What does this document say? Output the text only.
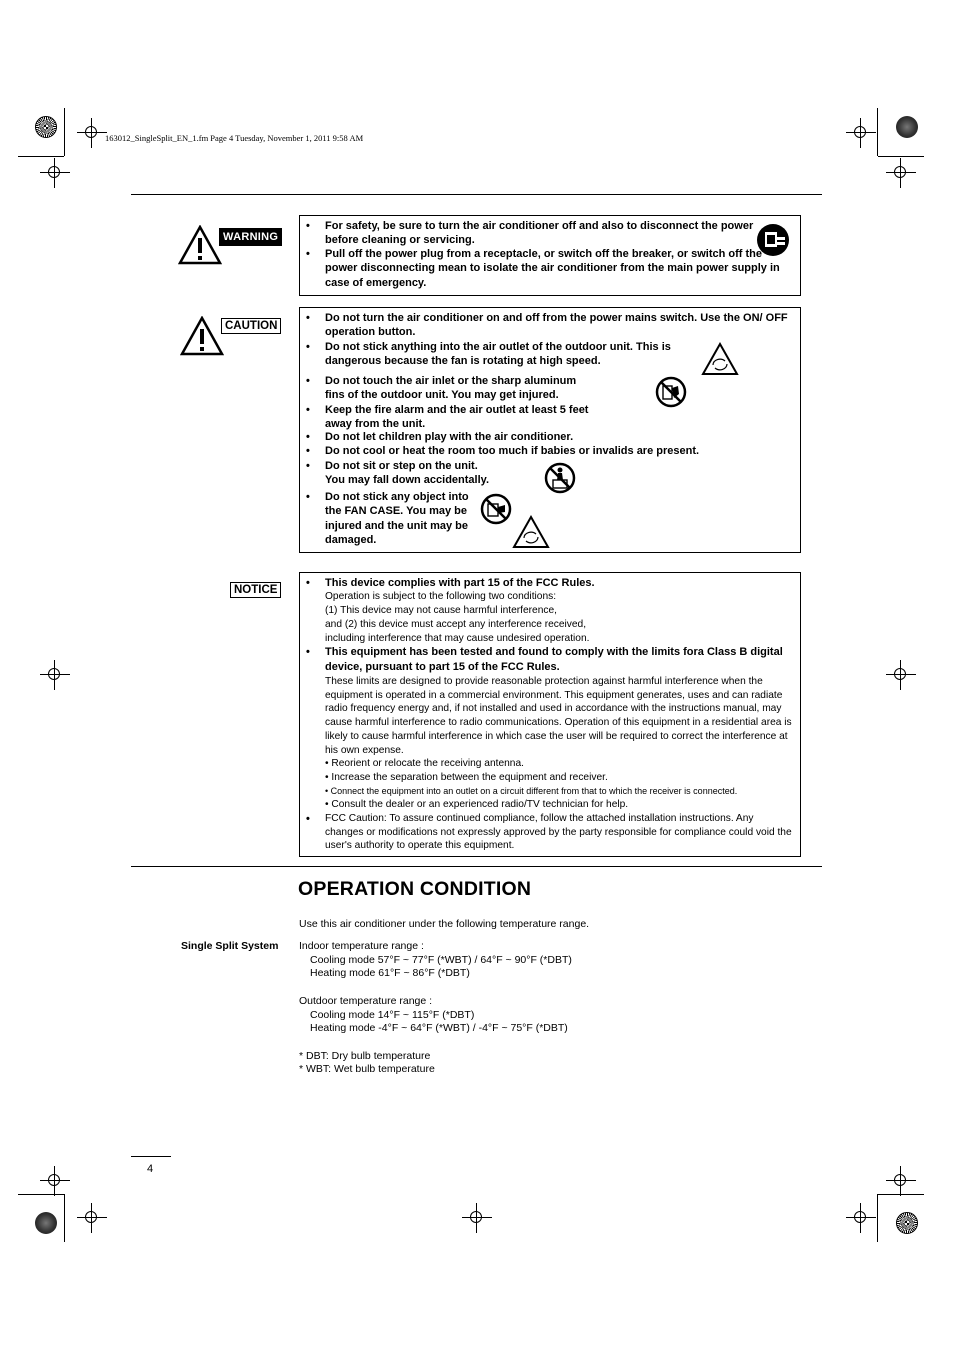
163012_SingleSplit_EN_1.fm Page 4 Tuesday, November 1, 2011 9:58 AM
WARNING
• For safety, be sure to turn the air conditioner off and also to disconnect the power before cleaning or servicing.
• Pull off the power plug from a receptacle, or switch off the breaker, or switch off the power disconnecting mean to isolate the air conditioner from the main power supply in case of emergency.
CAUTION
• Do not turn the air conditioner on and off from the power mains switch. Use the ON/ OFF operation button.
• Do not stick anything into the air outlet of the outdoor unit. This is dangerous because the fan is rotating at high speed.
• Do not touch the air inlet or the sharp aluminum fins of the outdoor unit. You may get injured.
• Keep the fire alarm and the air outlet at least 5 feet away from the unit.
• Do not let children play with the air conditioner.
• Do not cool or heat the room too much if babies or invalids are present.
• Do not sit or step on the unit. You may fall down accidentally.
• Do not stick any object into the FAN CASE. You may be injured and the unit may be damaged.
NOTICE
• This device complies with part 15 of the FCC Rules.
Operation is subject to the following two conditions:
(1) This device may not cause harmful interference,
and (2) this device must accept any interference received,
including interference that may cause undesired operation.
• This equipment has been tested and found to comply with the limits fora Class B digital device, pursuant to part 15 of the FCC Rules.
These limits are designed to provide reasonable protection against harmful interference when the equipment is operated in a commercial environment. This equipment generates, uses and can radiate radio frequency energy and, if not installed and used in accordance with the instructions manual, may cause harmful interference to radio communications. Operation of this equipment in a residential area is likely to cause harmful interference in which case the user will be required to correct the interference at his own expense.
• Reorient or relocate the receiving antenna.
• Increase the separation between the equipment and receiver.
• Connect the equipment into an outlet on a circuit different from that to which the receiver is connected.
• Consult the dealer or an experienced radio/TV technician for help.
• FCC Caution: To assure continued compliance, follow the attached installation instructions. Any changes or modifications not expressly approved by the party responsible for compliance could void the user's authority to operate this equipment.
OPERATION CONDITION
Use this air conditioner under the following temperature range.
Single Split System Indoor temperature range :
Cooling mode 57°F ~ 77°F (*WBT) / 64°F ~ 90°F (*DBT)
Heating mode 61°F ~ 86°F (*DBT)
Outdoor temperature range :
Cooling mode 14°F ~ 115°F (*DBT)
Heating mode -4°F ~ 64°F (*WBT) / -4°F ~ 75°F (*DBT)
* DBT: Dry bulb temperature
* WBT: Wet bulb temperature
4
